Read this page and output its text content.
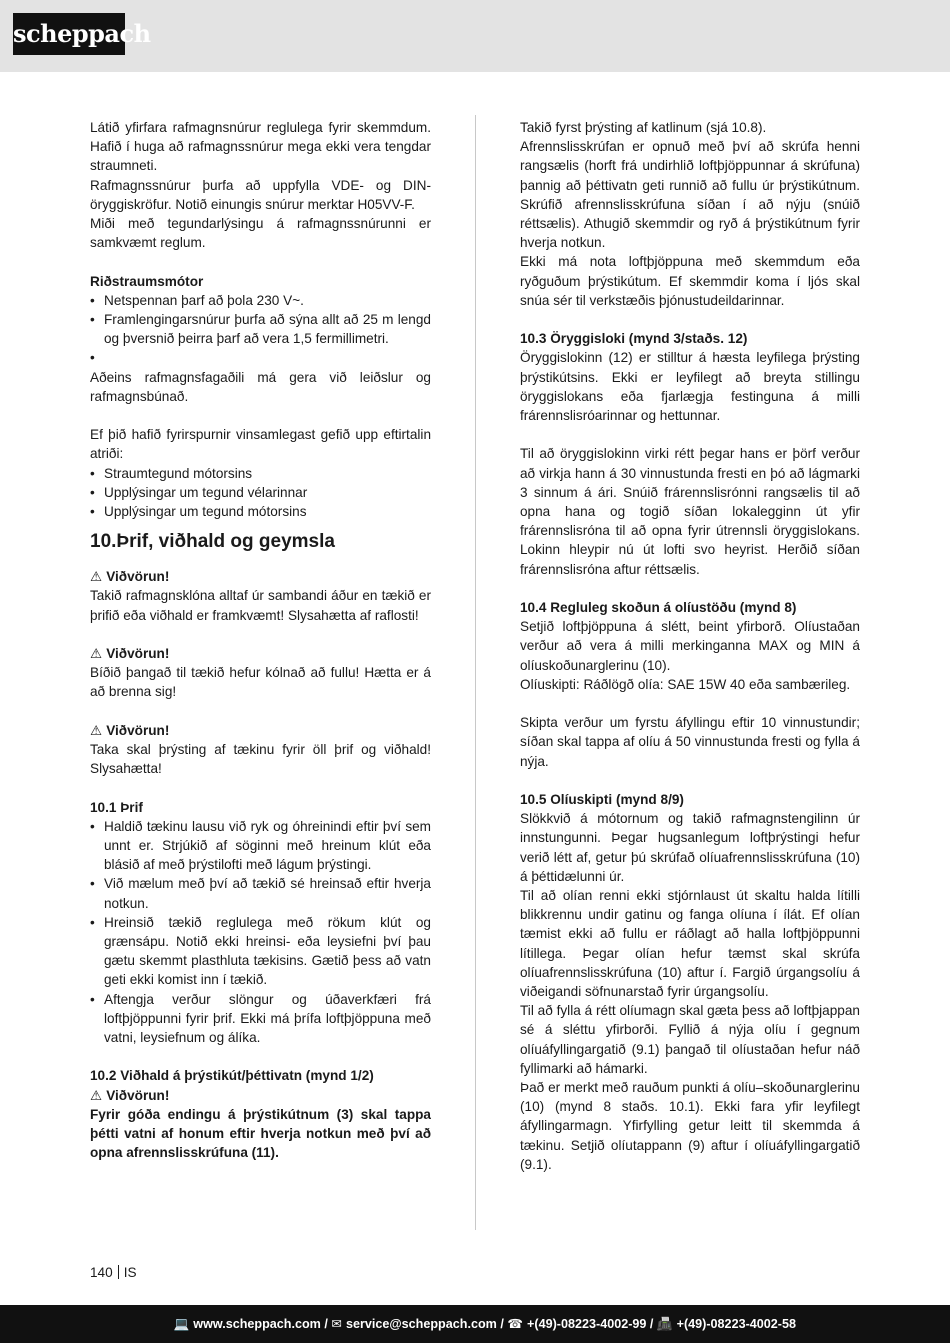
scheppach
Látið yfirfara rafmagnsnúrur reglulega fyrir skemmdum. Hafið í huga að rafmagnssnúrur mega ekki vera tengdar straumneti.
Rafmagnssnúrur þurfa að uppfylla VDE- og DIN-öryggiskröfur. Notið einungis snúrur merktar H05VV-F.
Miði með tegundarlýsingu á rafmagnssnúrunni er samkvæmt reglum.
Riðstraumsmótor
• Netspennan þarf að þola 230 V~.
• Framlengingarsnúrur þurfa að sýna allt að 25 m lengd og þversnið þeirra þarf að vera 1,5 fermillimetri.
•
Aðeins rafmagnsfagaðili má gera við leiðslur og rafmagnsbúnað.
Ef þið hafið fyrirspurnir vinsamlegast gefið upp eftirtalin atriði:
• Straumtegund mótorsins
• Upplýsingar um tegund vélarinnar
• Upplýsingar um tegund mótorsins
10.Þrif, viðhald og geymsla
⚠ Viðvörun!
Takið rafmagnsklóna alltaf úr sambandi áður en tækið er þrifið eða viðhald er framkvæmt! Slysahætta af raflosti!
⚠ Viðvörun!
Bíðið þangað til tækið hefur kólnað að fullu! Hætta er á að brenna sig!
⚠ Viðvörun!
Taka skal þrýsting af tækinu fyrir öll þrif og viðhald! Slysahætta!
10.1 Þrif
• Haldið tækinu lausu við ryk og óhreinindi eftir því sem unnt er. Strjúkið af söginni með hreinum klút eða blásið af með þrýstilofti með lágum þrýstingi.
• Við mælum með því að tækið sé hreinsað eftir hverja notkun.
• Hreinsið tækið reglulega með rökum klút og grænsápu. Notið ekki hreinsi- eða leysiefni því þau gætu skemmt plasthluta tækisins. Gætið þess að vatn geti ekki komist inn í tækið.
• Aftengja verður slöngur og úðaverkfæri frá loftþjöppunni fyrir þrif. Ekki má þrífa loftþjöppuna með vatni, leysiefnum og álíka.
10.2 Viðhald á þrýstikút/þéttivatn (mynd 1/2)
⚠ Viðvörun!
Fyrir góða endingu á þrýstikútnum (3) skal tappa þétti vatni af honum eftir hverja notkun með því að opna afrennslisskrúfuna (11).
Takið fyrst þrýsting af katlinum (sjá 10.8).
Afrennslisskrúfan er opnuð með því að skrúfa henni rangsælis (horft frá undirhlið loftþjöppunnar á skrúfuna) þannig að þéttivatn geti runnið að fullu úr þrýstikútnum. Skrúfið afrennslisskrúfuna síðan í að nýju (snúið réttsælis). Athugið skemmdir og ryð á þrýstikútnum fyrir hverja notkun.
Ekki má nota loftþjöppuna með skemmdum eða ryðguðum þrýstikútum. Ef skemmdir koma í ljós skal snúa sér til verkstæðis þjónustudeildarinnar.
10.3 Öryggisloki (mynd 3/staðs. 12)
Öryggislokinn (12) er stilltur á hæsta leyfilega þrýsting þrýstikútsins. Ekki er leyfilegt að breyta stillingu öryggislokans eða fjarlægja festinguna á milli frárennslisróarinnar og hettunnar.
Til að öryggislokinn virki rétt þegar hans er þörf verður að virkja hann á 30 vinnustunda fresti en þó að lágmarki 3 sinnum á ári. Snúið frárennslisrónni rangsælis til að opna hana og togið síðan lokalegginn út yfir frárennslisróna til að opna fyrir útrennsli öryggislokans. Lokinn hleypir nú út lofti svo heyrist. Herðið síðan frárennslisróna aftur réttsælis.
10.4 Regluleg skoðun á olíustöðu (mynd 8)
Setjið loftþjöppuna á slétt, beint yfirborð. Olíustaðan verður að vera á milli merkinganna MAX og MIN á olíuskoðunarglerinu (10).
Olíuskipti: Ráðlögð olía: SAE 15W 40 eða sambærileg.
Skipta verður um fyrstu áfyllingu eftir 10 vinnustundir; síðan skal tappa af olíu á 50 vinnustunda fresti og fylla á nýja.
10.5 Olíuskipti (mynd 8/9)
Slökkvið á mótornum og takið rafmagnstengilinn úr innstungunni. Þegar hugsanlegum loftþrýstingi hefur verið létt af, getur þú skrúfað olíuafrennslisskrúfuna (10) á þéttidælunni úr.
Til að olían renni ekki stjórnlaust út skaltu halda lítilli blikkrennu undir gatinu og fanga olíuna í ílát. Ef olían tæmist ekki að fullu er ráðlagt að halla loftþjöppunni lítillega. Þegar olían hefur tæmst skal skrúfa olíuafrennslisskrúfuna (10) aftur í. Fargið úrgangsolíu á viðeigandi söfnunarstað fyrir úrgangsolíu.
Til að fylla á rétt olíumagn skal gæta þess að loftþjappan sé á sléttu yfirborði. Fyllið á nýja olíu í gegnum olíuáfyllingargatið (9.1) þangað til olíustaðan hefur náð fyllimarki að hámarki.
Það er merkt með rauðum punkti á olíu–skoðunarglerinu (10) (mynd 8 staðs. 10.1). Ekki fara yfir leyfilegt áfyllingarmagn. Yfirfylling getur leitt til skemmda á tækinu. Setjið olíutappann (9) aftur í olíuáfyllingargatið (9.1).
140 IS
💻 www.scheppach.com / ✉ service@scheppach.com / ☎ +(49)-08223-4002-99 / 📠 +(49)-08223-4002-58
